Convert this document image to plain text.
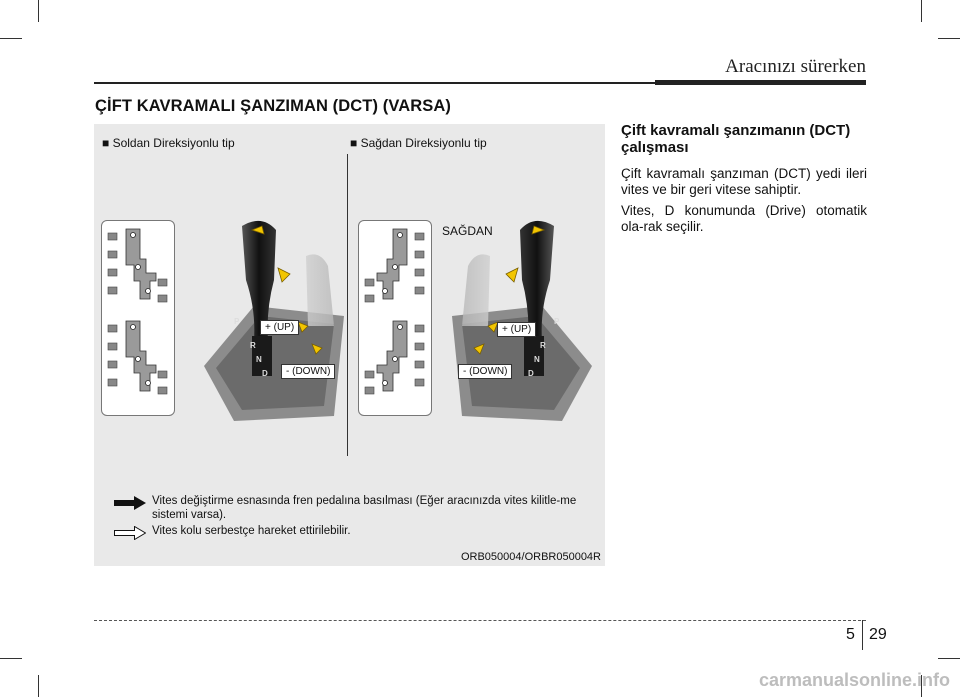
Aracınızı sürerken
ÇİFT KAVRAMALI ŞANZIMAN (DCT) (VARSA)
■ Soldan Direksiyonlu tip	■ Sağdan Direksiyonlu tip
P
R
N
D
+ (UP)
- (DOWN)
SAĞDAN
P
R
N
D
+ (UP)
- (DOWN)
Vites değiştirme esnasında fren pedalına basılması (Eğer aracınızda vites kilitle-me sistemi varsa).
Vites kolu serbestçe hareket ettirilebilir.
ORB050004/ORBR050004R
Çift kavramalı şanzımanın (DCT) çalışması

Çift kavramalı şanzıman (DCT) yedi ileri vites ve bir geri vitese sahiptir.

Vites, D konumunda (Drive) otomatik ola-rak seçilir.

5 29
carmanualsonline.info
